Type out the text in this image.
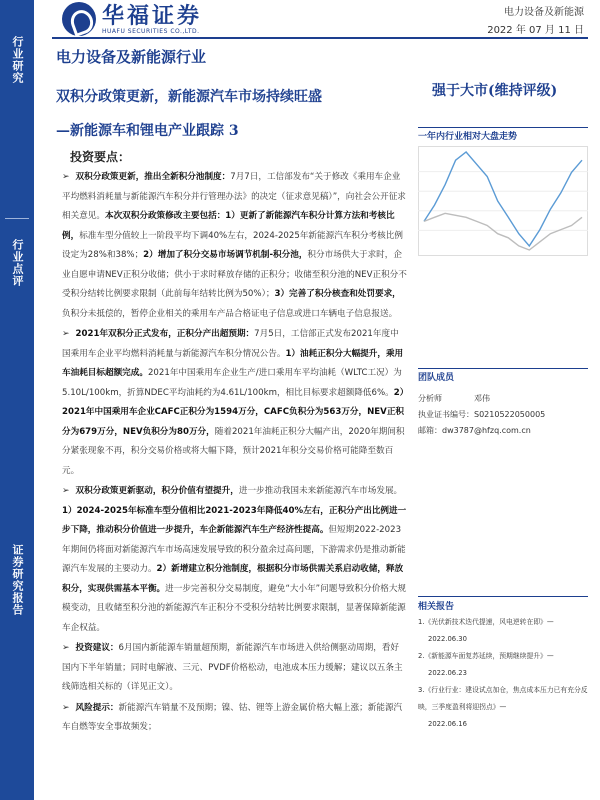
华福证券
HUAFU SECURITIES CO.,LTD.
电力设备及新能源
2022 年 07 月 11 日
行业研究
行业点评
证券研究报告
电力设备及新能源行业
双积分政策更新，新能源汽车市场持续旺盛
—新能源车和锂电产业跟踪 3
强于大市(维持评级)
投资要点：
➢ 双积分政策更新，推出全新积分池制度：7月7日，工信部发布“关于修改《乘用车企业平均燃料消耗量与新能源汽车积分并行管理办法》的决定（征求意见稿）”，向社会公开征求相关意见。本次双积分政策修改主要包括：1）更新了新能源汽车积分计算方法和考核比例，标准车型分值较上一阶段平均下调40%左右，2024-2025年新能源汽车积分考核比例设定为28%和38%；2）增加了积分交易市场调节机制-积分池，积分市场供大于求时，企业自愿申请NEV正积分收储；供小于求时释放存储的正积分；收储至积分池的NEV正积分不受积分结转比例要求限制（此前每年结转比例为50%）；3）完善了积分核查和处罚要求，负积分未抵偿的，暂停企业相关的乘用车产品合格证电子信息或进口车辆电子信息报送。
➢ 2021年双积分正式发布，正积分产出超预期：7月5日，工信部正式发布2021年度中国乘用车企业平均燃料消耗量与新能源汽车积分情况公告。1）油耗正积分大幅提升，乘用车油耗目标超额完成。2021年中国乘用车企业生产/进口乘用车平均油耗（WLTC工况）为5.10L/100km，折算NDEC平均油耗约为4.61L/100km，相比目标要求超额降低6%。2）2021年中国乘用车企业CAFC正积分为1594万分，CAFC负积分为563万分，NEV正积分为679万分，NEV负积分为80万分，随着2021年油耗正积分大幅产出，2020年期间积分紧张现象不再，积分交易价格或将大幅下降，预计2021年积分交易价格可能降至数百元。
➢ 双积分政策更新驱动，积分价值有望提升，进一步推动我国未来新能源汽车市场发展。1）2024-2025年标准车型分值相比2021-2023年降低40%左右，正积分产出比例进一步下降，推动积分价值进一步提升，车企新能源汽车生产经济性提高。但短期2022-2023年期间仍将面对新能源汽车市场高速发展导致的积分盈余过高问题，下游需求仍是推动新能源汽车发展的主要动力。2）新增建立积分池制度，根据积分市场供需关系启动收储，释放积分，实现供需基本平衡。进一步完善积分交易制度，避免“大小年”问题导致积分价格大规模变动，且收储至积分池的新能源汽车正积分不受积分结转比例要求限制，显著保障新能源车企权益。
➢ 投资建议：6月国内新能源车销量超预期，新能源汽车市场进入供给侧驱动周期，看好国内下半年销量；同时电解液、三元、PVDF价格松动，电池成本压力缓解；建议以五条主线筛选相关标的（详见正文）。
➢ 风险提示：新能源汽车销量不及预期；镍、钴、锂等上游金属价格大幅上涨；新能源汽车自燃等安全事故频发；
一年内行业相对大盘走势
团队成员
分析师	邓伟
执业证书编号： S0210522050005
邮箱： dw3787@hfzq.com.cn
相关报告
1.《光伏新技术迭代提速，风电逆转在即》—
2022.06.30
2.《新能源车面复苏延续，预期继续提升》—
2022.06.23
3.《行业行业：建设试点加仓，焦点成本压力已有充分反映，三季度盈利将迎拐点》—
2022.06.16
